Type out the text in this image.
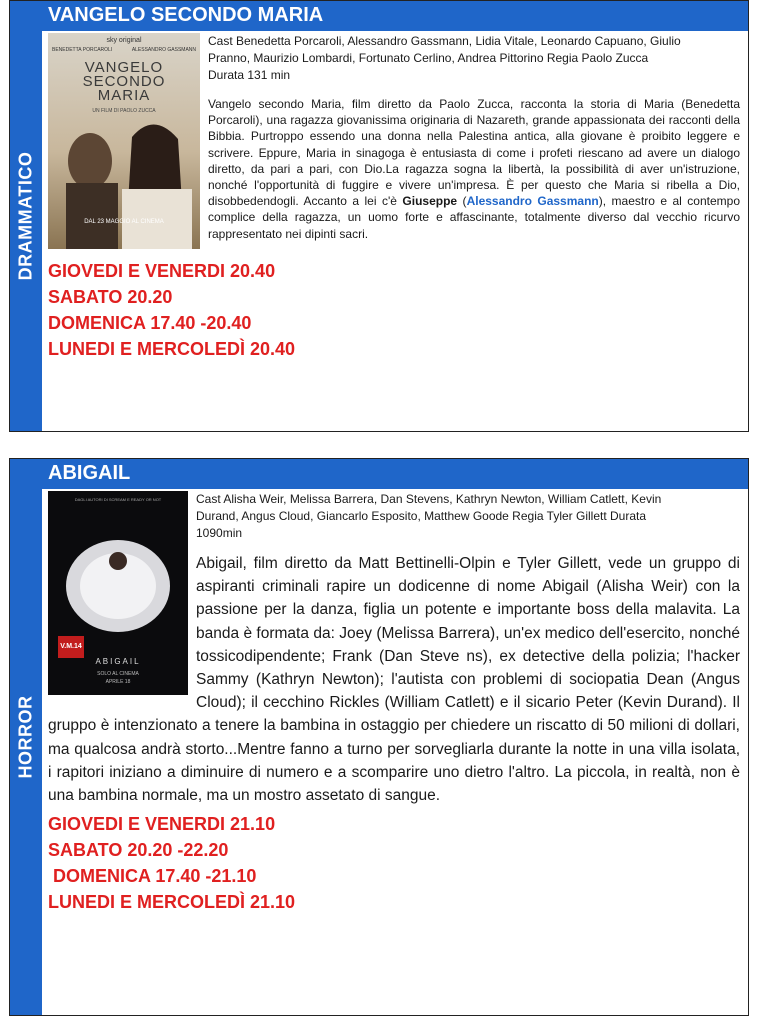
DRAMMATICO
VANGELO SECONDO MARIA
sky original
BENEDETTA PORCAROLI	ALESSANDRO GASSMANN
VANGELO
SECONDO
MARIA
UN FILM DI PAOLO ZUCCA
DAL 23 MAGGIO AL CINEMA

Cast Benedetta Porcaroli, Alessandro Gassmann, Lidia Vitale, Leonardo Capuano, Giulio
Pranno, Maurizio Lombardi, Fortunato Cerlino, Andrea Pittorino Regia Paolo Zucca
Durata 131 min

Vangelo secondo Maria, film diretto da Paolo Zucca, racconta la storia di Maria (Benedetta Porcaroli), una ragazza giovanissima originaria di Nazareth, grande appassionata dei racconti della Bibbia. Purtroppo essendo una donna nella Palestina antica, alla giovane è proibito leggere e scrivere. Eppure, Maria in sinagoga è entusiasta di come i profeti riescano ad avere un dialogo diretto, da pari a pari, con Dio.La ragazza sogna la libertà, la possibilità di aver un'istruzione, nonché l'opportunità di fuggire e vivere un'impresa. È per questo che Maria si ribella a Dio, disobbedendogli. Accanto a lei c'è Giuseppe (Alessandro Gassmann), maestro e al contempo complice della ragazza, un uomo forte e affascinante, totalmente diverso dal vecchio ricurvo rappresentato nei dipinti sacri.

GIOVEDI E VENERDI 20.40
SABATO 20.20
DOMENICA 17.40 -20.40
LUNEDI E MERCOLEDÌ 20.40
HORROR
ABIGAIL
DAGLI AUTORI DI SCREAM E READY OR NOT
V.M.14
ABIGAIL
SOLO AL CINEMA
APRILE 18

Cast Alisha Weir, Melissa Barrera, Dan Stevens, Kathryn Newton, William Catlett, Kevin
Durand, Angus Cloud, Giancarlo Esposito, Matthew Goode Regia Tyler Gillett Durata
1090min

Abigail, film diretto da Matt Bettinelli-Olpin e Tyler Gillett, vede un gruppo di aspiranti criminali rapire un dodicenne di nome Abigail (Alisha Weir) con la passione per la danza, figlia un potente e importante boss della malavita. La banda è formata da: Joey (Melissa Barrera), un'ex medico dell'esercito, nonché tossicodipendente; Frank (Dan Steve ns), ex detective della polizia; l'hacker Sammy (Kathryn Newton); l'autista con problemi di sociopatia Dean (Angus Cloud); il cecchino Rickles (William Catlett) e il sicario Peter (Kevin Durand). Il gruppo è intenzionato a tenere la bambina in ostaggio per chiedere un riscatto di 50 milioni di dollari, ma qualcosa andrà storto...Mentre fanno a turno per sorvegliarla durante la notte in una villa isolata, i rapitori iniziano a diminuire di numero e a scomparire uno dietro l'altro. La piccola, in realtà, non è una bambina normale, ma un mostro assetato di sangue.

GIOVEDI E VENERDI 21.10
SABATO 20.20 -22.20
DOMENICA 17.40 -21.10
LUNEDI E MERCOLEDÌ 21.10
